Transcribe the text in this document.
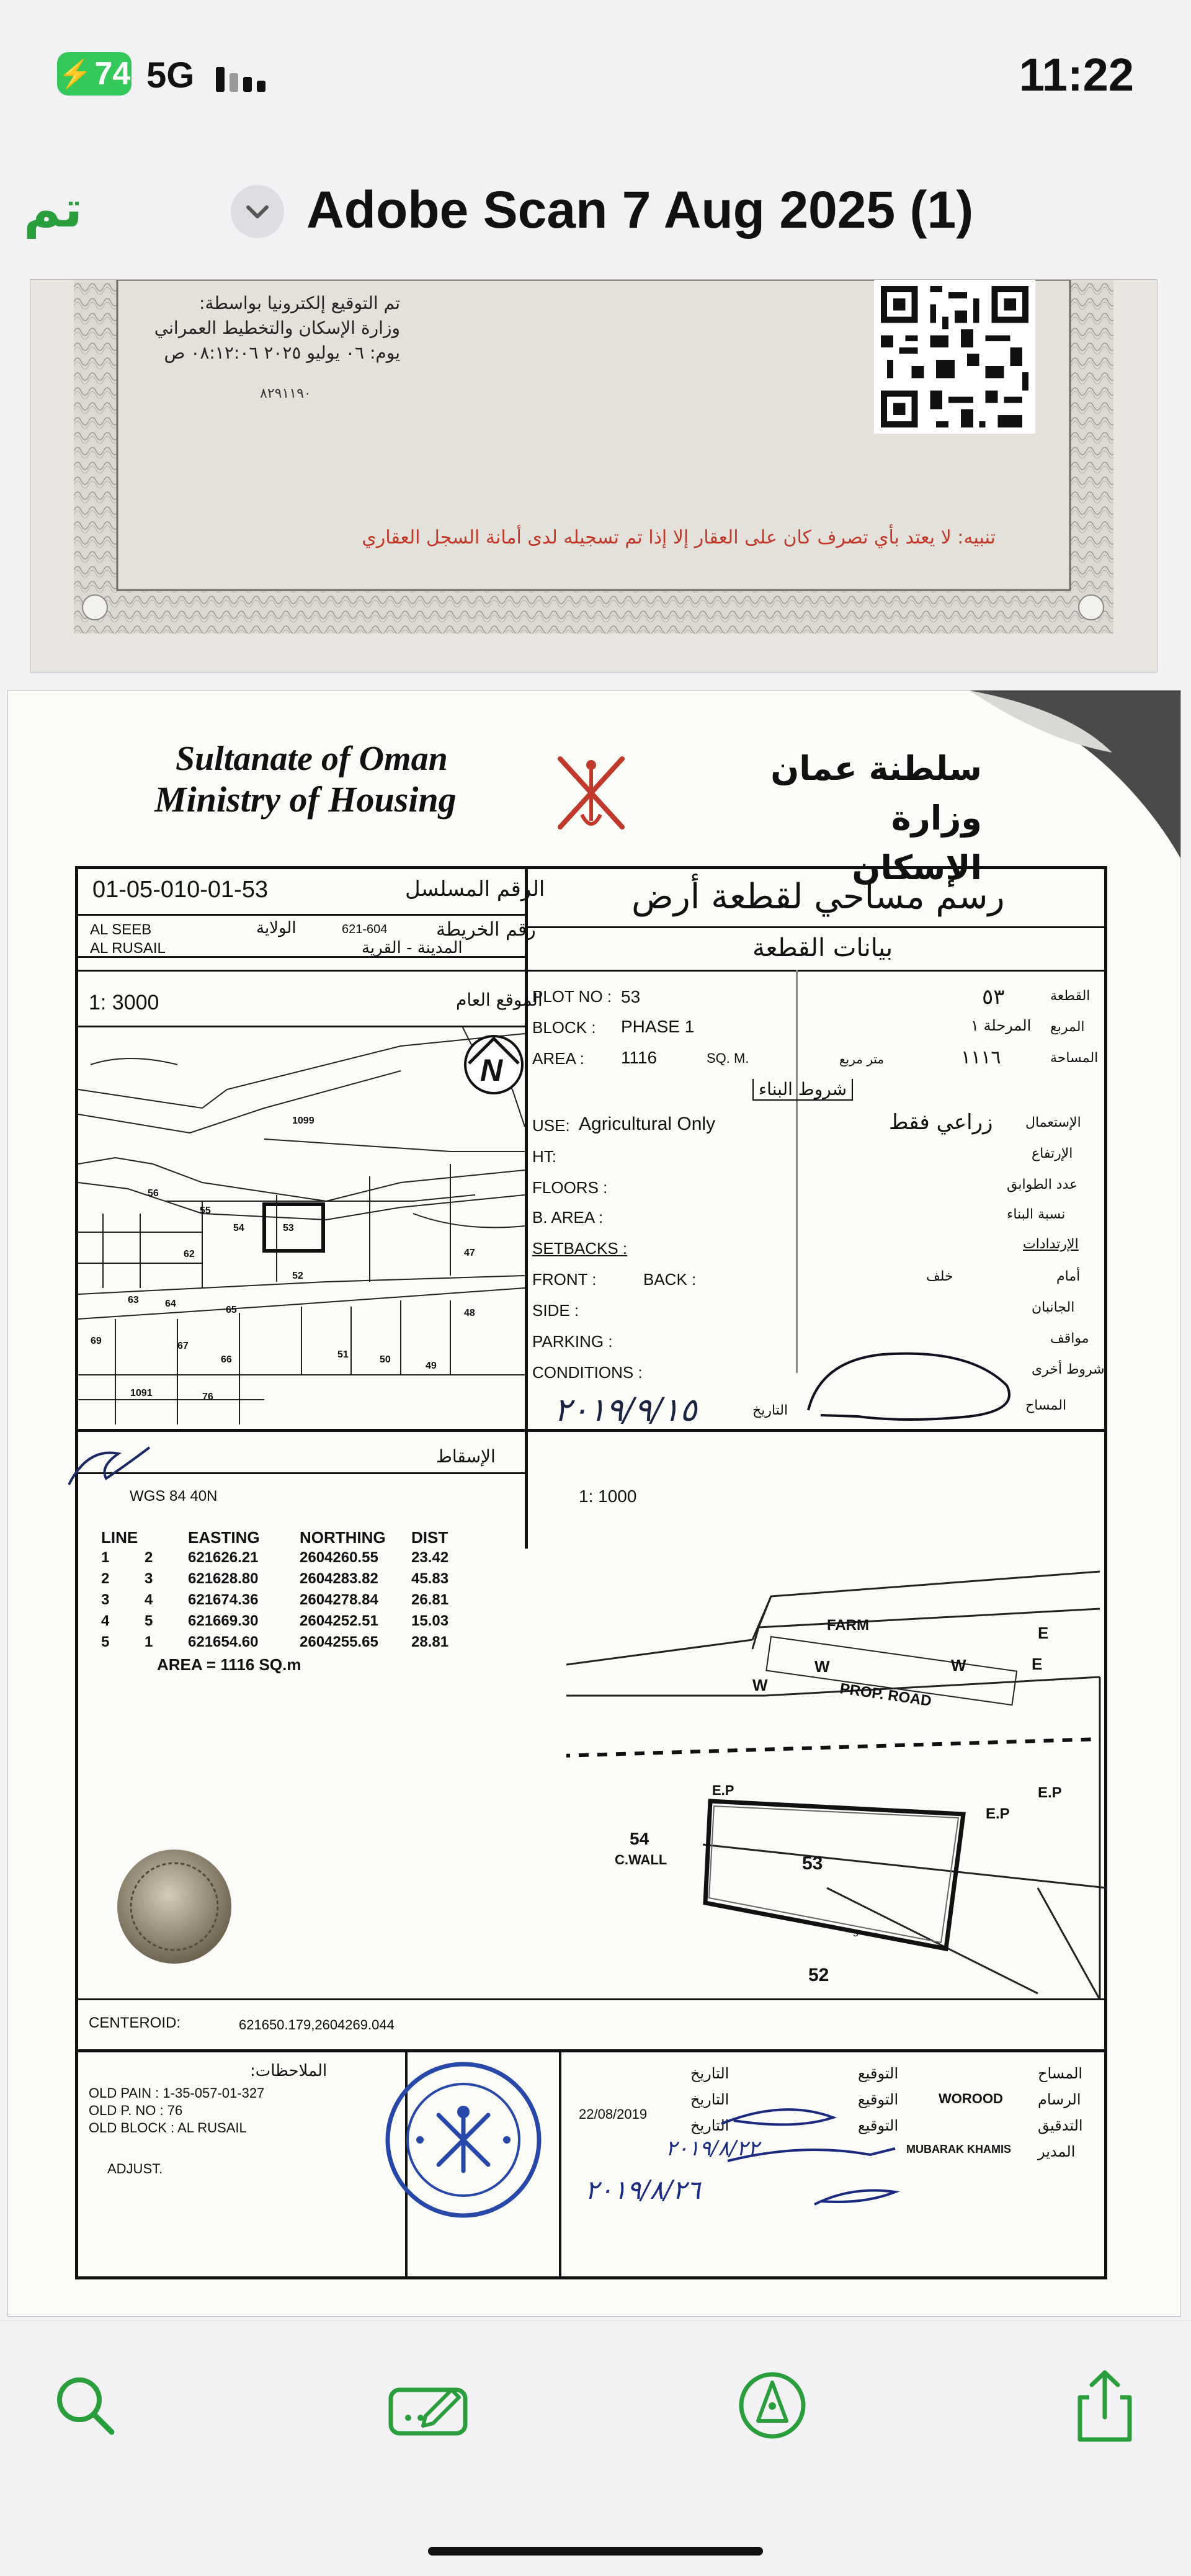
⚡ 74 5G	11:22
تم	Adobe Scan 7 Aug 2025 (1)
تم التوقيع إلكترونيا بواسطة:
وزارة الإسكان والتخطيط العمراني
يوم: ٠٦ يوليو ٢٠٢٥ ٠٨:١٢:٠٦ ص
٨٢٩١١٩٠
تنبيه: لا يعتد بأي تصرف كان على العقار إلا إذا تم تسجيله لدى أمانة السجل العقاري
Sultanate of Oman
Ministry of Housing
سلطنة عمان
وزارة الإسكان
01-05-010-01-53	الرقم المسلسل رسم مساحي لقطعة أرض
AL SEEB
AL RUSAIL
الولاية	621-604	رقم الخريطة
المدينة - القرية	بيانات القطعة
1: 3000	الموقع العام
1099
53
54
55
56
62
52
47
48
63	64
65
66
67
69
51	50
49
76
1091
N
PLOT NO : 53	٥٣	القطعة
BLOCK : PHASE 1	المرحلة ١ المربع
AREA : 1116	SQ. M.	متر مربع	١١١٦	المساحة
شروط البناء
USE: Agricultural Only	زراعي فقط الإستعمال
HT:	الإرتفاع
FLOORS :	عدد الطوابق
B. AREA :	نسبة البناء
SETBACKS :	الإرتدادات
FRONT :	BACK :	خلف	أمام
SIDE :	الجانبان
PARKING :	مواقف
CONDITIONS :	شروط أخرى
المساح
التاريخ
٢٠١٩/٩/١٥
الإسقاط
WGS 84 40N	1: 1000
LINE	EASTING	NORTHING	DIST
1	2	621626.21	2604260.55	23.42
2	3	621628.80	2604283.82	45.83
3	4	621674.36	2604278.84	26.81
4	5	621669.30	2604252.51	15.03
5	1	621654.60	2604255.65	28.81
AREA = 1116 SQ.m
FARM
PROP. ROAD
W
W	W	E
E
E.P
E.P
E.P
53
54
C.WALL
52
5
CENTEROID:	621650.179,2604269.044
الملاحظات:
OLD PAIN : 1-35-057-01-327
OLD P. NO : 76
OLD BLOCK : AL RUSAIL
ADJUST.
التاريخ	التوقيع	المساح
التاريخ	التوقيع	WOROOD الرسام
التاريخ	التوقيع	التدقيق
MUBARAK KHAMIS المدير
22/08/2019
٢٠١٩/٨/٢٢
٢٠١٩/٨/٢٦
